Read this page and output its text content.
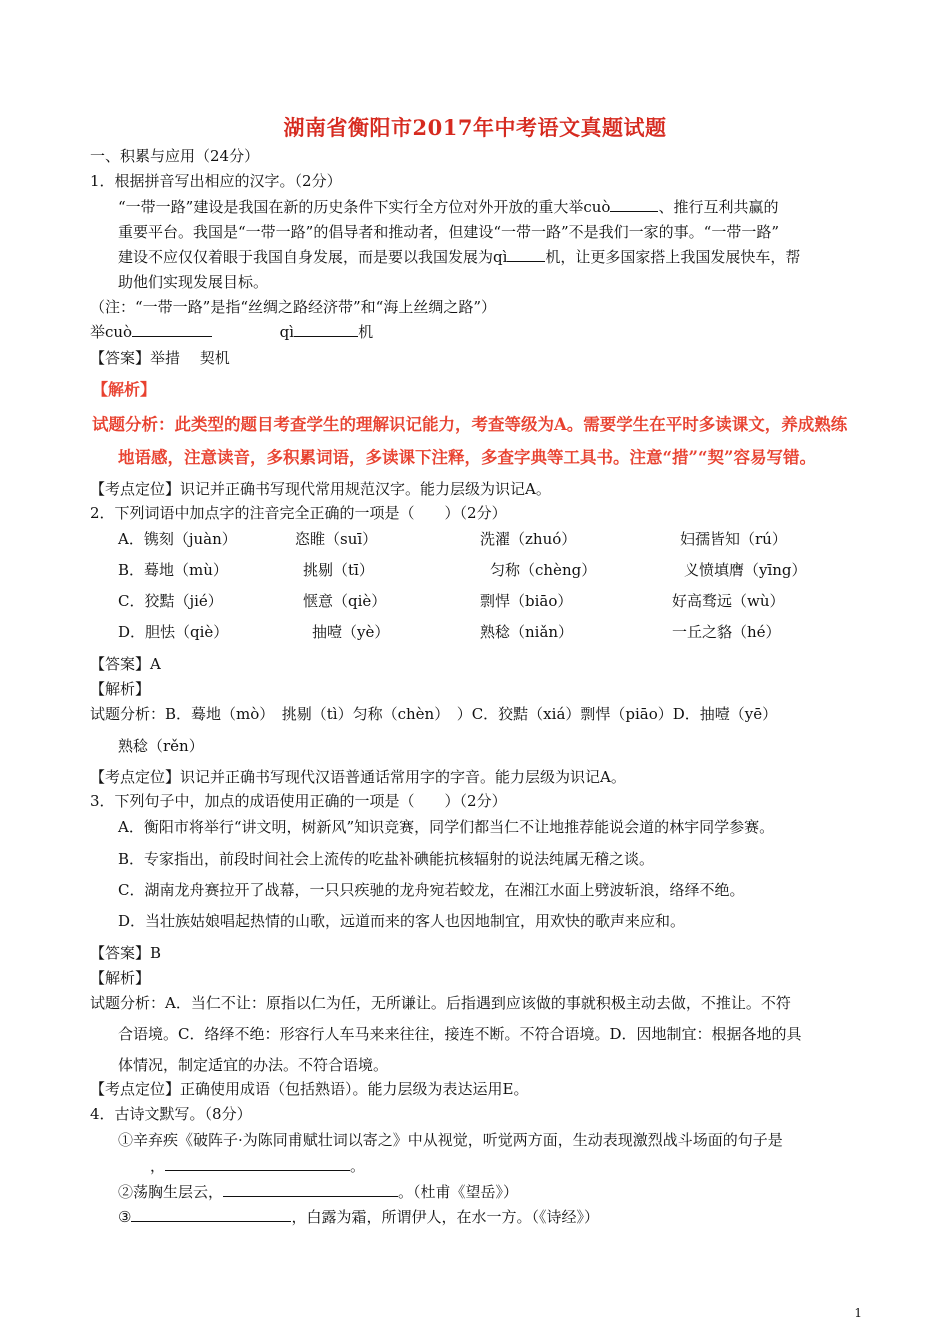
湖南省衡阳市2017年中考语文真题试题
一、积累与应用（24分）
1．根据拼音写出相应的汉字。（2分）
“一带一路”建设是我国在新的历史条件下实行全方位对外开放的重大举cuò	、推行互利共赢的
重要平台。我国是“一带一路”的倡导者和推动者，但建设“一带一路”不是我们一家的事。“一带一路”
建设不应仅仅着眼于我国自身发展，而是要以我国发展为qì	机，让更多国家搭上我国发展快车，帮
助他们实现发展目标。
（注：“一带一路”是指“丝绸之路经济带”和“海上丝绸之路”）
举cuò	qì	机
【答案】举措　 契机
【解析】
试题分析：此类型的题目考查学生的理解识记能力，考查等级为A。需要学生在平时多读课文，养成熟练
地语感，注意读音，多积累词语，多读课下注释，多查字典等工具书。注意“措”“契”容易写错。
【考点定位】识记并正确书写现代常用规范汉字。能力层级为识记A。
2．下列词语中加点字的注音完全正确的一项是（　　）（2分）
A．镌刻（juàn）	恣睢（suī）	洗濯（zhuó）	妇孺皆知（rú）
B．蓦地（mù）	挑剔（tī）	匀称（chèng）	义愤填膺（yīng）
C．狡黠（jié）	惬意（qiè）	剽悍（biāo）	好高骛远（wù）
D．胆怯（qiè）	抽噎（yè）	熟稔（niǎn）	一丘之貉（hé）
【答案】A
【解析】
试题分析：B．蓦地（mò）　挑剔（tì）匀称（chèn）　）C．狡黠（xiá）剽悍（piāo）D．抽噎（yē）
熟稔（rěn）
【考点定位】识记并正确书写现代汉语普通话常用字的字音。能力层级为识记A。
3．下列句子中，加点的成语使用正确的一项是（　　）（2分）
A．衡阳市将举行“讲文明，树新风”知识竞赛，同学们都当仁不让地推荐能说会道的林宇同学参赛。
B．专家指出，前段时间社会上流传的吃盐补碘能抗核辐射的说法纯属无稽之谈。
C．湖南龙舟赛拉开了战幕，一只只疾驰的龙舟宛若蛟龙，在湘江水面上劈波斩浪，络绎不绝。
D．当壮族姑娘唱起热情的山歌，远道而来的客人也因地制宜，用欢快的歌声来应和。
【答案】B
【解析】
试题分析：A．当仁不让：原指以仁为任，无所谦让。后指遇到应该做的事就积极主动去做，不推让。不符
合语境。C．络绎不绝：形容行人车马来来往往，接连不断。不符合语境。D．因地制宜：根据各地的具
体情况，制定适宜的办法。不符合语境。
【考点定位】正确使用成语（包括熟语）。能力层级为表达运用E。
4．古诗文默写。（8分）
①辛弃疾《破阵子·为陈同甫赋壮词以寄之》中从视觉，听觉两方面，生动表现激烈战斗场面的句子是
，	。
②荡胸生层云，	。（杜甫《望岳》）
③	，白露为霜，所谓伊人，在水一方。（《诗经》）
1
